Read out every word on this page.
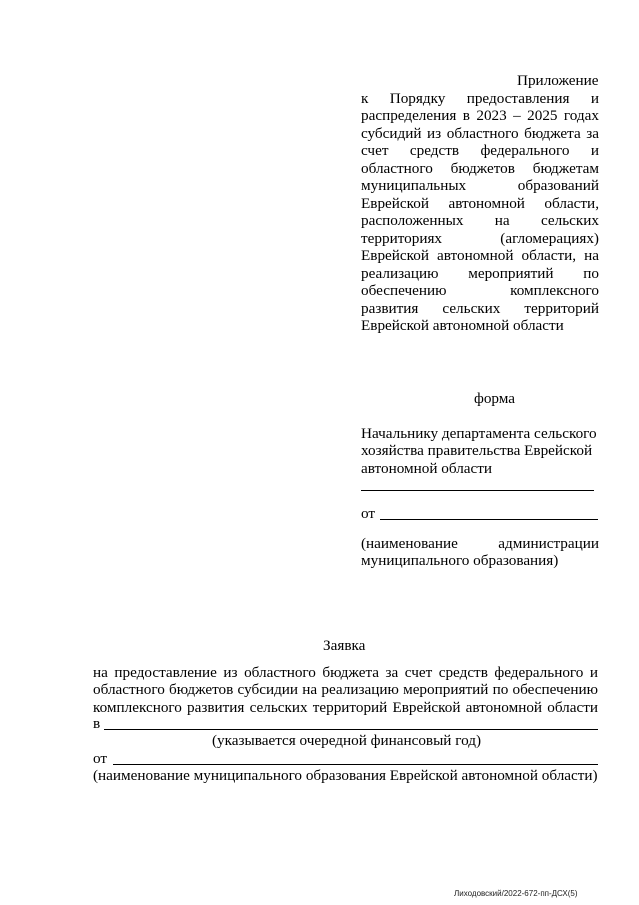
Приложение
к Порядку предоставления и
распределения в 2023 – 2025 годах
субсидий из областного бюджета за
счет средств федерального и
областного бюджетов бюджетам
муниципальных образований
Еврейской автономной области,
расположенных на сельских
территориях (агломерациях)
Еврейской автономной области, на
реализацию мероприятий по
обеспечению комплексного
развития сельских территорий
Еврейской автономной области
форма
Начальнику департамента сельского
хозяйства правительства Еврейской
автономной области
от
(наименование администрации
муниципального образования)
Заявка
на предоставление из областного бюджета за счет средств федерального и
областного бюджетов субсидии на реализацию мероприятий по обеспечению
комплексного развития сельских территорий Еврейской автономной области
в
(указывается очередной финансовый год)
от
(наименование муниципального образования Еврейской автономной области)
Лиходовский/2022-672-пп-ДСХ(5)
